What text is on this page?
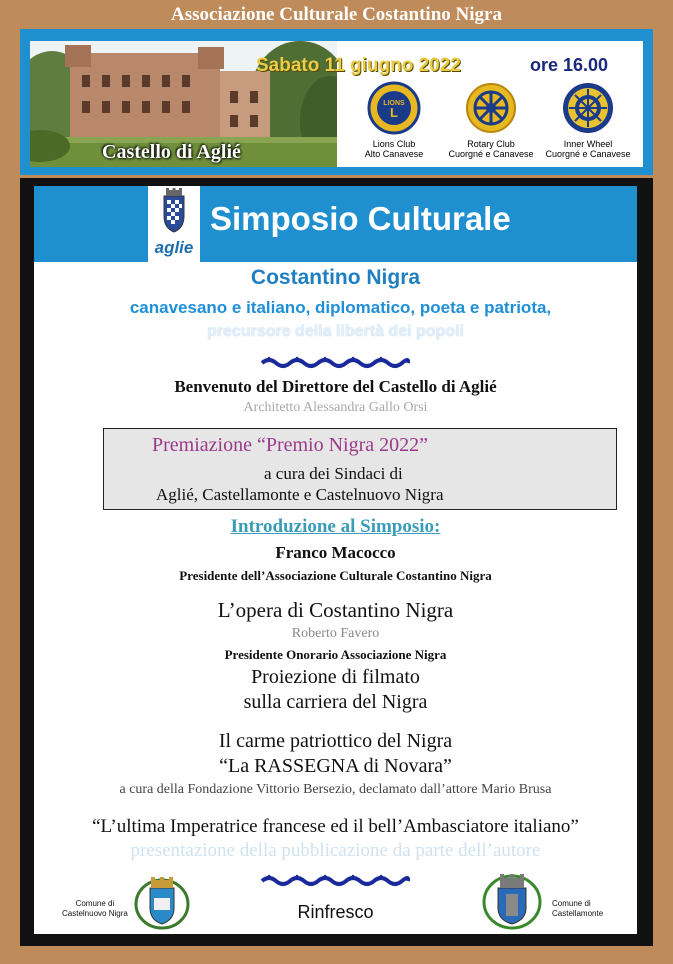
Associazione Culturale Costantino Nigra
Castello di Aglié
Sabato 11 giugno 2022	ore 16.00
LIONS
L
Lions Club
Alto Canavese
Rotary Club
Cuorgné e Canavese
Inner Wheel
Cuorgné e Canavese
aglie
Simposio Culturale
Costantino Nigra
canavesano e italiano, diplomatico, poeta e patriota,
precursore della libertà dei popoli
Benvenuto del Direttore del Castello di Aglié
Architetto Alessandra Gallo Orsi
Premiazione “Premio Nigra 2022”
a cura dei Sindaci di
Aglié, Castellamonte e Castelnuovo Nigra
Introduzione al Simposio:
Franco Macocco
Presidente dell’Associazione Culturale Costantino Nigra
L’opera di Costantino Nigra
Roberto Favero
Presidente Onorario Associazione Nigra
Proiezione di filmato
sulla carriera del Nigra
Il carme patriottico del Nigra
“La RASSEGNA di Novara”
a cura della Fondazione Vittorio Bersezio, declamato dall’attore Mario Brusa
“L’ultima Imperatrice francese ed il bell’Ambasciatore italiano”
presentazione della pubblicazione da parte dell’autore
Comune di
Castelnuovo Nigra	Rinfresco	Comune di
Castellamonte
